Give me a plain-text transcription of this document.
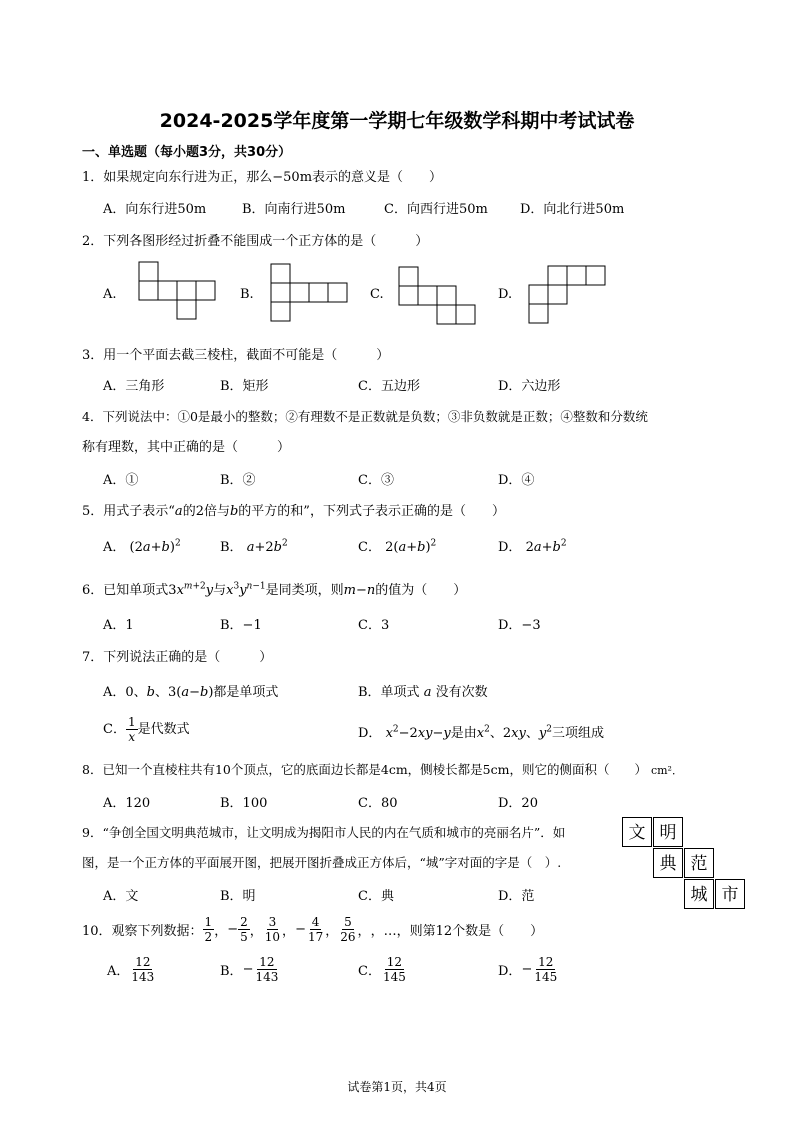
2024-2025学年度第一学期七年级数学科期中考试试卷
一、单选题（每小题3分，共30分）
1．如果规定向东行进为正，那么−50m表示的意义是（　　）
A．向东行进50m	B．向南行进50m	C．向西行进50m D．向北行进50m
2．下列各图形经过折叠不能围成一个正方体的是（　　　）
A.	B.	C.	D.
3．用一个平面去截三棱柱，截面不可能是（　　　）
A．三角形	B．矩形	C．五边形	D．六边形
4．下列说法中：①0是最小的整数；②有理数不是正数就是负数；③非负数就是正数；④整数和分数统
称有理数，其中正确的是（　　　）
A．①	B．②	C．③	D．④
5．用式子表示“a的2倍与b的平方的和”，下列式子表示正确的是（　　）
A． $(2a+b)^2$	B． $a+2b^2$	C． $2(a+b)^2$	D． $2a+b^2$
6．已知单项式$3x^{m+2}y$与$x^3y^{n-1}$是同类项，则m−n的值为（　　）
A．1	B．−1	C．3	D．−3
7．下列说法正确的是（　　　）
A．0、b、3(a−b)都是单项式	B．单项式 a 没有次数
C． $\frac{1}{x}$ 是代数式	D． $x^2-2xy-y$是由$x^2$、2xy、$y^2$三项组成
8．已知一个直棱柱共有10个顶点，它的底面边长都是4cm，侧棱长都是5cm，则它的侧面积（　　） cm²．
A．120	B．100	C．80	D．20
9．“争创全国文明典范城市，让文明成为揭阳市人民的内在气质和城市的亮丽名片”．如
图，是一个正方体的平面展开图，把展开图折叠成正方体后，“城”字对面的字是（　）.
A．文	B．明	C．典	D．范
文 明
典 范
城 市
10．观察下列数据： $\frac{1}{2}$ ， − $\frac{2}{5}$ ， $\frac{3}{10}$ ， − $\frac{4}{17}$ ， $\frac{5}{26}$ ， ，…，则第12个数是（　　）
A． $\frac{12}{143}$	B． − $\frac{12}{143}$	C． $\frac{12}{145}$	D． − $\frac{12}{145}$
试卷第1页，共4页
